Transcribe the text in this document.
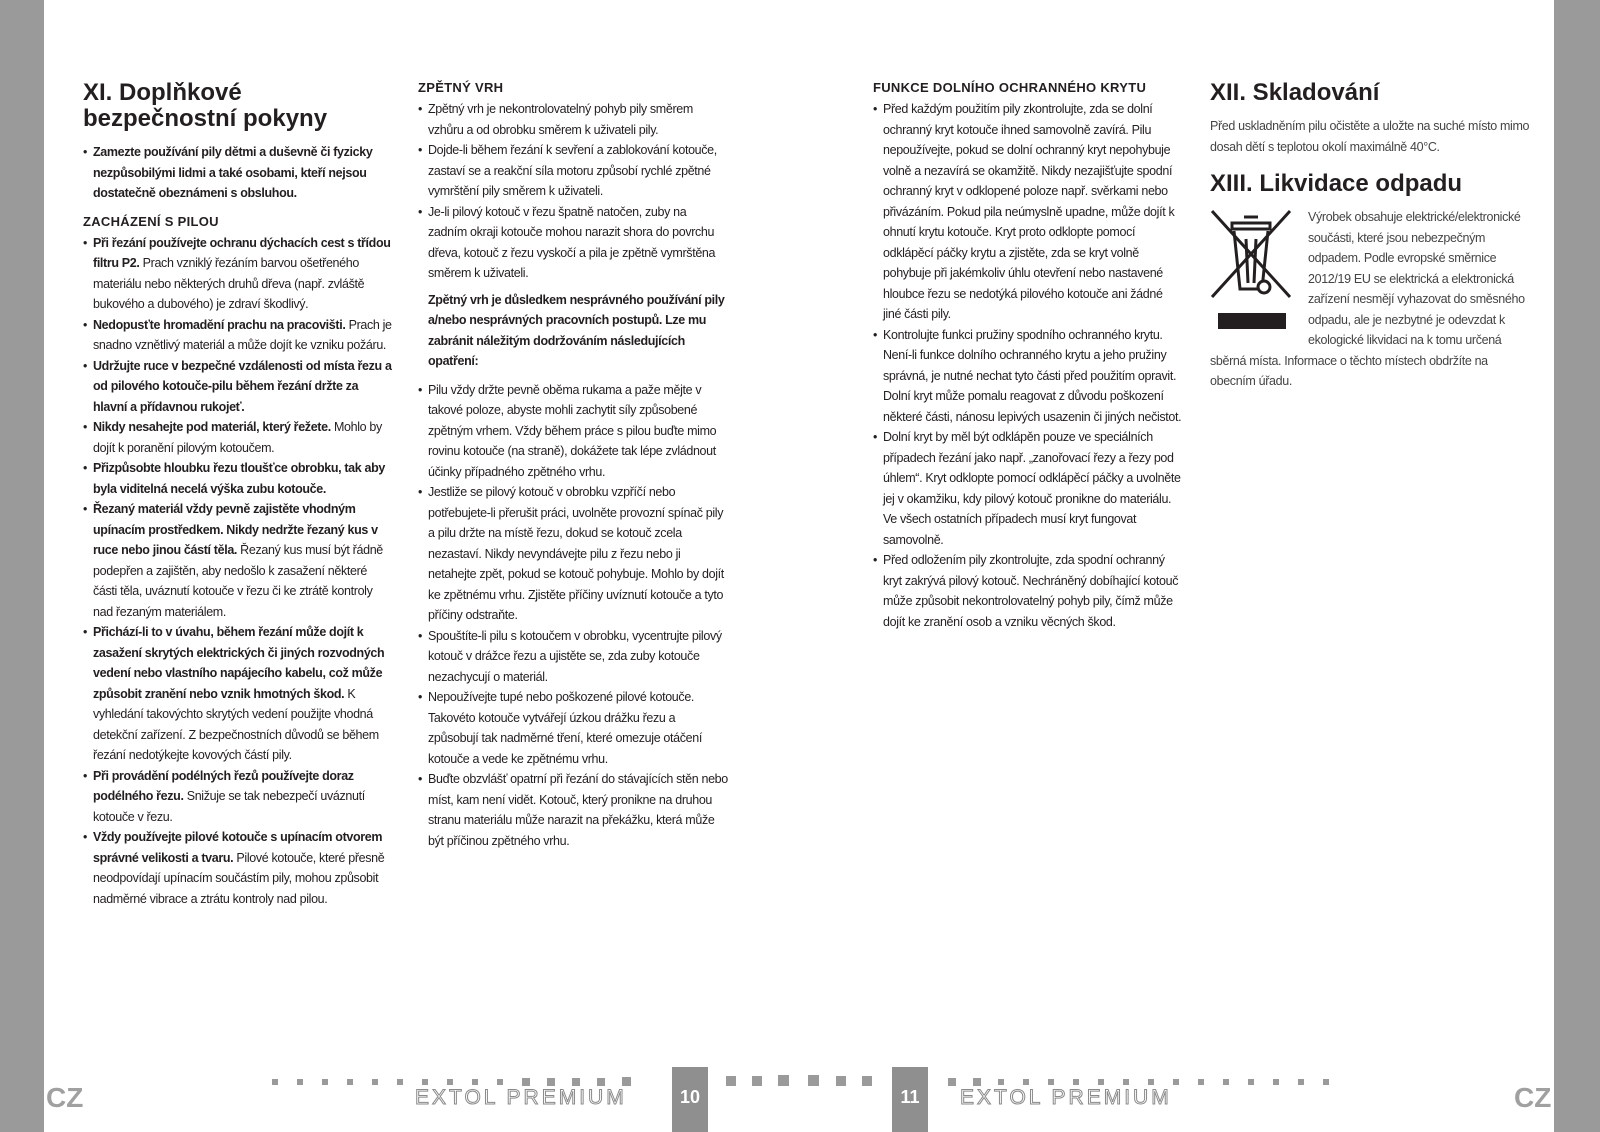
XI. Doplňkové
bezpečnostní pokyny
• Zamezte používání pily dětmi a duševně či fyzicky nezpůsobilými lidmi a také osobami, kteří nejsou dostatečně obeznámeni s obsluhou.
ZACHÁZENÍ S PILOU
• Při řezání používejte ochranu dýchacích cest s třídou filtru P2. Prach vzniklý řezáním barvou ošetřeného materiálu nebo některých druhů dřeva (např. zvláště bukového a dubového) je zdraví škodlivý.
• Nedopusťte hromadění prachu na pracovišti. Prach je snadno vznětlivý materiál a může dojít ke vzniku požáru.
• Udržujte ruce v bezpečné vzdálenosti od místa řezu a od pilového kotouče-pilu během řezání držte za hlavní a přídavnou rukojeť.
• Nikdy nesahejte pod materiál, který řežete. Mohlo by dojít k poranění pilovým kotoučem.
• Přizpůsobte hloubku řezu tloušťce obrobku, tak aby byla viditelná necelá výška zubu kotouče.
• Řezaný materiál vždy pevně zajistěte vhodným upínacím prostředkem. Nikdy nedržte řezaný kus v ruce nebo jinou částí těla. Řezaný kus musí být řádně podepřen a zajištěn, aby nedošlo k zasažení některé části těla, uváznutí kotouče v řezu či ke ztrátě kontroly nad řezaným materiálem.
• Přichází-li to v úvahu, během řezání může dojít k zasažení skrytých elektrických či jiných rozvodných vedení nebo vlastního napájecího kabelu, což může způsobit zranění nebo vznik hmotných škod. K vyhledání takovýchto skrytých vedení použijte vhodná detekční zařízení. Z bezpečnostních důvodů se během řezání nedotýkejte kovových částí pily.
• Při provádění podélných řezů používejte doraz podélného řezu. Snižuje se tak nebezpečí uváznutí kotouče v řezu.
• Vždy používejte pilové kotouče s upínacím otvorem správné velikosti a tvaru. Pilové kotouče, které přesně neodpovídají upínacím součástím pily, mohou způsobit nadměrné vibrace a ztrátu kontroly nad pilou.
ZPĚTNÝ VRH
• Zpětný vrh je nekontrolovatelný pohyb pily směrem vzhůru a od obrobku směrem k uživateli pily.
• Dojde-li během řezání k sevření a zablokování kotouče, zastaví se a reakční síla motoru způsobí rychlé zpětné vymrštění pily směrem k uživateli.
• Je-li pilový kotouč v řezu špatně natočen, zuby na zadním okraji kotouče mohou narazit shora do povrchu dřeva, kotouč z řezu vyskočí a pila je zpětně vymrštěna směrem k uživateli.

Zpětný vrh je důsledkem nesprávného používání pily a/nebo nesprávných pracovních postupů. Lze mu zabránit náležitým dodržováním následujících opatření:

• Pilu vždy držte pevně oběma rukama a paže mějte v takové poloze, abyste mohli zachytit síly způsobené zpětným vrhem. Vždy během práce s pilou buďte mimo rovinu kotouče (na straně), dokážete tak lépe zvládnout účinky případného zpětného vrhu.
• Jestliže se pilový kotouč v obrobku vzpříčí nebo potřebujete-li přerušit práci, uvolněte provozní spínač pily a pilu držte na místě řezu, dokud se kotouč zcela nezastaví. Nikdy nevyndávejte pilu z řezu nebo ji netahejte zpět, pokud se kotouč pohybuje. Mohlo by dojít ke zpětnému vrhu. Zjistěte příčiny uvíznutí kotouče a tyto příčiny odstraňte.
• Spouštíte-li pilu s kotoučem v obrobku, vycentrujte pilový kotouč v drážce řezu a ujistěte se, zda zuby kotouče nezachycují o materiál.
• Nepoužívejte tupé nebo poškozené pilové kotouče. Takovéto kotouče vytvářejí úzkou drážku řezu a způsobují tak nadměrné tření, které omezuje otáčení kotouče a vede ke zpětnému vrhu.
• Buďte obzvlášť opatrní při řezání do stávajících stěn nebo míst, kam není vidět. Kotouč, který pronikne na druhou stranu materiálu může narazit na překážku, která může být příčinou zpětného vrhu.
FUNKCE DOLNÍHO OCHRANNÉHO KRYTU
• Před každým použitím pily zkontrolujte, zda se dolní ochranný kryt kotouče ihned samovolně zavírá. Pilu nepoužívejte, pokud se dolní ochranný kryt nepohybuje volně a nezavírá se okamžitě. Nikdy nezajišťujte spodní ochranný kryt v odklopené poloze např. svěrkami nebo přivázáním. Pokud pila neúmyslně upadne, může dojít k ohnutí krytu kotouče. Kryt proto odklopte pomocí odklápěcí páčky krytu a zjistěte, zda se kryt volně pohybuje při jakémkoliv úhlu otevření nebo nastavené hloubce řezu se nedotýká pilového kotouče ani žádné jiné části pily.
• Kontrolujte funkci pružiny spodního ochranného krytu. Není-li funkce dolního ochranného krytu a jeho pružiny správná, je nutné nechat tyto části před použitím opravit. Dolní kryt může pomalu reagovat z důvodu poškození některé části, nánosu lepivých usazenin či jiných nečistot.
• Dolní kryt by měl být odklápěn pouze ve speciálních případech řezání jako např. „zanořovací řezy a řezy pod úhlem“. Kryt odklopte pomocí odklápěcí páčky a uvolněte jej v okamžiku, kdy pilový kotouč pronikne do materiálu. Ve všech ostatních případech musí kryt fungovat samovolně.
• Před odložením pily zkontrolujte, zda spodní ochranný kryt zakrývá pilový kotouč. Nechráněný dobíhající kotouč může způsobit nekontrolovatelný pohyb pily, čímž může dojít ke zranění osob a vzniku věcných škod.
XII. Skladování

Před uskladněním pilu očistěte a uložte na suché místo mimo dosah dětí s teplotou okolí maximálně 40°C.

XIII. Likvidace odpadu

Výrobek obsahuje elektrické/elektronické součásti, které jsou nebezpečným odpadem. Podle evropské směrnice 2012/19 EU se elektrická a elektronická zařízení nesmějí vyhazovat do směsného odpadu, ale je nezbytné je odevzdat k ekologické likvidaci na k tomu určená sběrná místa. Informace o těchto místech obdržíte na obecním úřadu.

CZ	CZ
EXTOL PREMIUM	10	11	EXTOL PREMIUM
